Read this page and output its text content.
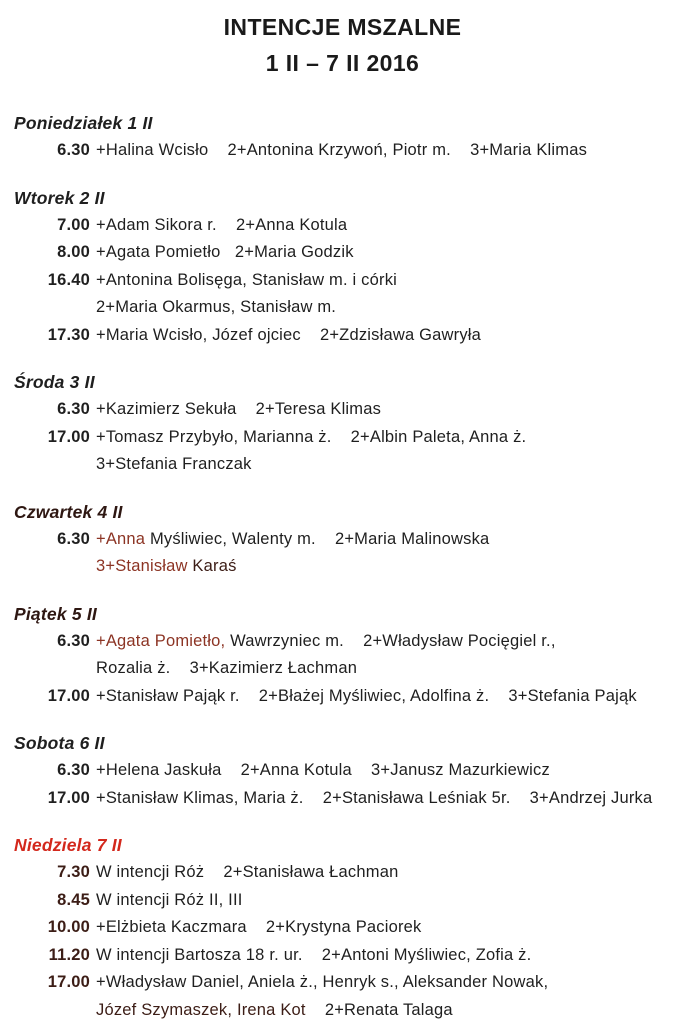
INTENCJE MSZALNE
1 II – 7 II 2016
Poniedziałek 1 II
6.30 +Halina Wcisło    2+Antonina Krzywoń, Piotr m.    3+Maria Klimas
Wtorek 2 II
7.00 +Adam Sikora r.    2+Anna Kotula
8.00 +Agata Pomietło   2+Maria Godzik
16.40 +Antonina Bolisęga, Stanisław m. i córki
2+Maria Okarmus, Stanisław m.
17.30 +Maria Wcisło, Józef ojciec    2+Zdzisława Gawryła
Środa 3 II
6.30 +Kazimierz Sekuła    2+Teresa Klimas
17.00 +Tomasz Przybyło, Marianna ż.    2+Albin Paleta, Anna ż.
3+Stefania Franczak
Czwartek 4 II
6.30 +Anna Myśliwiec, Walenty m.    2+Maria Malinowska
3+Stanisław Karaś
Piątek 5 II
6.30 +Agata Pomietło, Wawrzyniec m.    2+Władysław Pocięgiel r.,
Rozalia ż.    3+Kazimierz Łachman
17.00 +Stanisław Pająk r.    2+Błażej Myśliwiec, Adolfina ż.    3+Stefania Pająk
Sobota 6 II
6.30 +Helena Jaskuła    2+Anna Kotula    3+Janusz Mazurkiewicz
17.00 +Stanisław Klimas, Maria ż.    2+Stanisława Leśniak 5r.    3+Andrzej Jurka
Niedziela 7 II
7.30 W intencji Róż    2+Stanisława Łachman
8.45 W intencji Róż II, III
10.00 +Elżbieta Kaczmara    2+Krystyna Paciorek
11.20 W intencji Bartosza 18 r. ur.    2+Antoni Myśliwiec, Zofia ż.
17.00 +Władysław Daniel, Aniela ż., Henryk s., Aleksander Nowak,
Józef Szymaszek, Irena Kot    2+Renata Talaga
